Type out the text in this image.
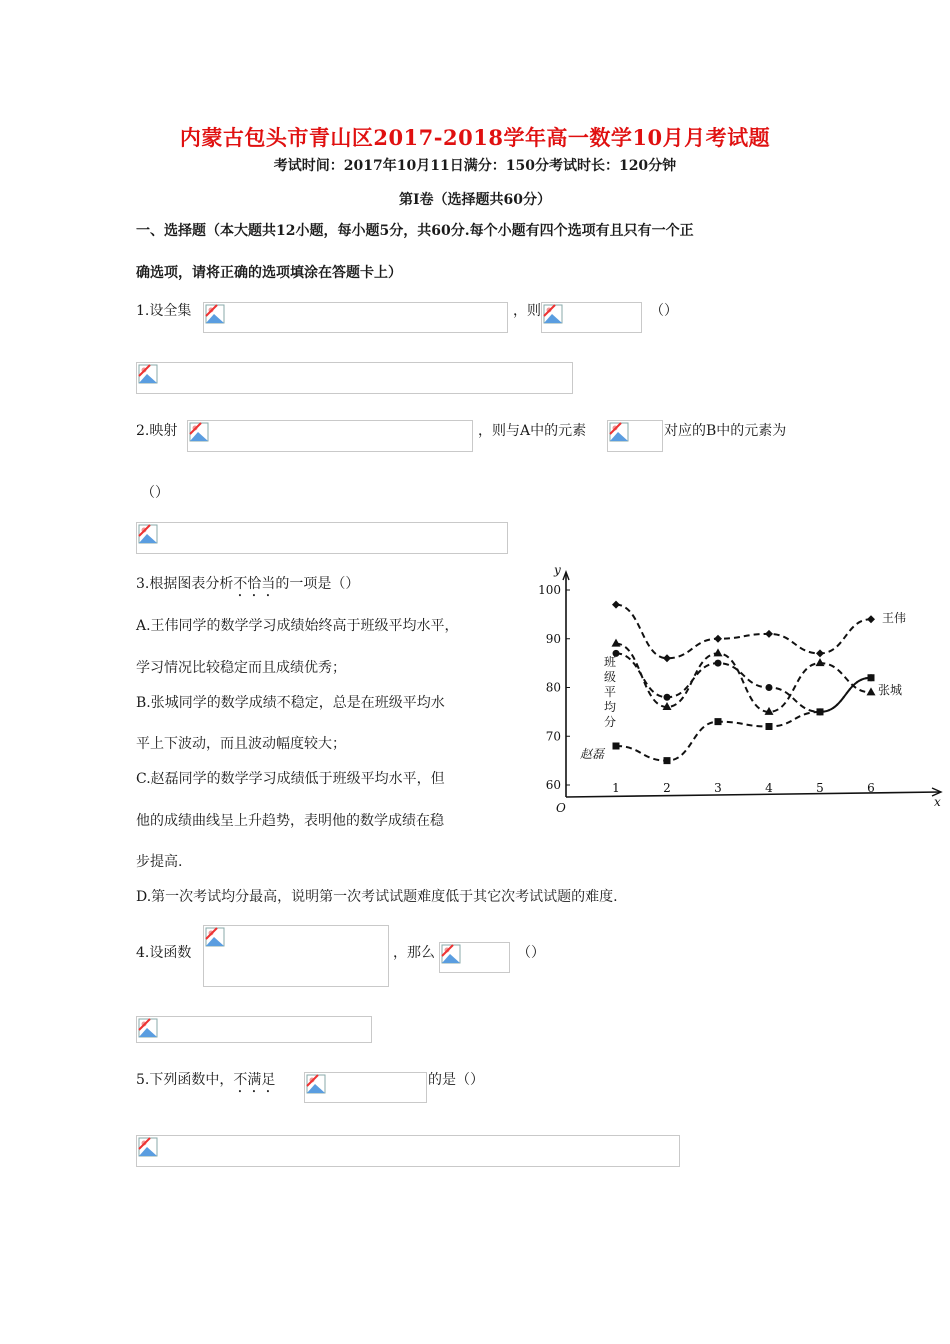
内蒙古包头市青山区2017-2018学年高一数学10月月考试题
考试时间：2017年10月11日满分：150分考试时长：120分钟
第I卷（选择题共60分）
一、选择题（本大题共12小题，每小题5分，共60分.每个小题有四个选项有且只有一个正
确选项，请将正确的选项填涂在答题卡上）
1.设全集	，则	（）
2.映射	，则与A中的元素	对应的B中的元素为
（）
3.根据图表分析不恰当的一项是（）
A.王伟同学的数学学习成绩始终高于班级平均水平，
学习情况比较稳定而且成绩优秀；
B.张城同学的数学成绩不稳定，总是在班级平均水
平上下波动，而且波动幅度较大；
C.赵磊同学的数学学习成绩低于班级平均水平，但
他的成绩曲线呈上升趋势，表明他的数学成绩在稳
步提高.
D.第一次考试均分最高，说明第一次考试试题难度低于其它次考试试题的难度.
y
x
O
60
70
80
90
100
1	2	3	4	5	6
王伟
张城
赵磊
班
级
平
均
分
4.设函数	，那么	（）
5.下列函数中，不满足	的是（）
